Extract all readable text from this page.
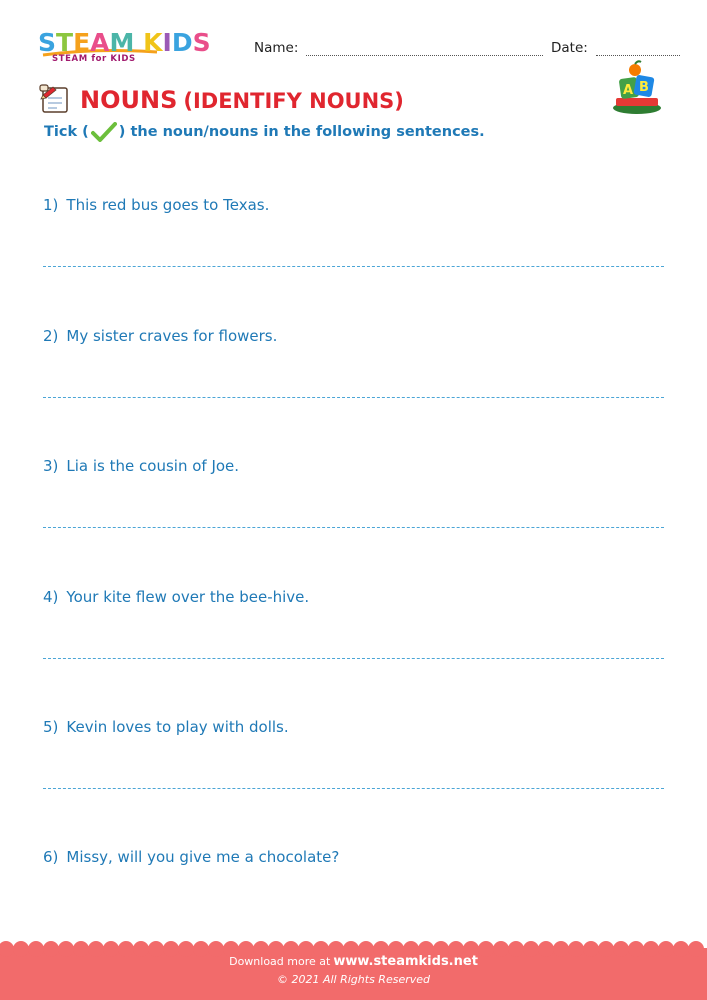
STEAM KIDS
STEAM for KIDS
Name:	Date:
NOUNS (IDENTIFY NOUNS)	A B
Tick ( ) the noun/nouns in the following sentences.
1) This red bus goes to Texas.
2) My sister craves for flowers.
3) Lia is the cousin of Joe.
4) Your kite flew over the bee-hive.
5) Kevin loves to play with dolls.
6) Missy, will you give me a chocolate?
Download more at www.steamkids.net
© 2021 All Rights Reserved
